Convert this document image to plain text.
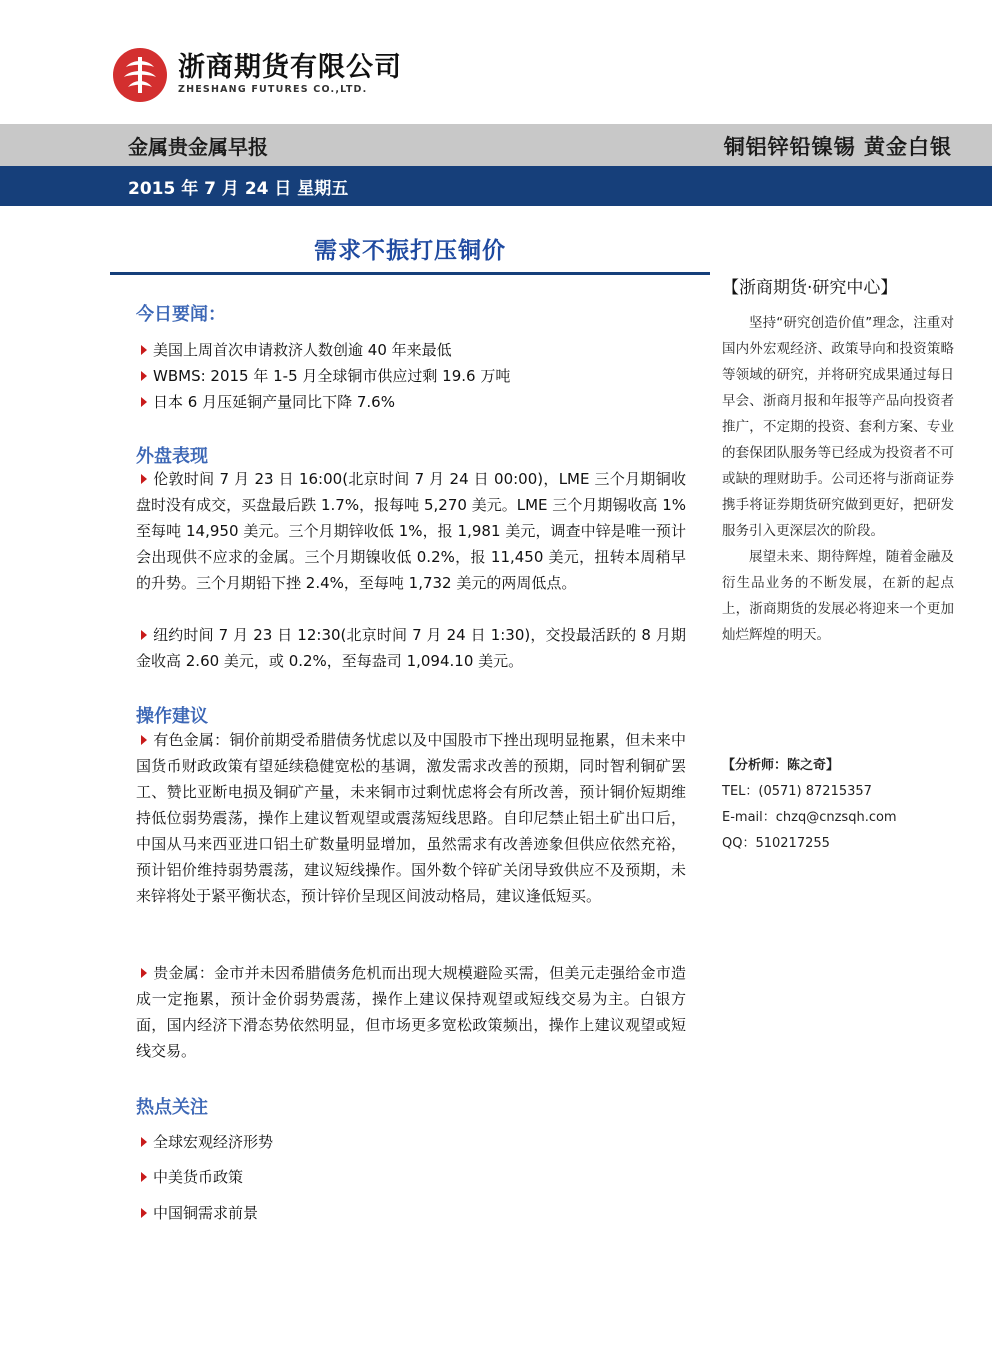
浙商期货有限公司
ZHESHANG FUTURES CO.,LTD.
金属贵金属早报	铜铝锌铅镍锡 黄金白银
2015 年 7 月 24 日 星期五
需求不振打压铜价
今日要闻：
美国上周首次申请救济人数创逾 40 年来最低
WBMS: 2015 年 1-5 月全球铜市供应过剩 19.6 万吨
日本 6 月压延铜产量同比下降 7.6%
外盘表现
伦敦时间 7 月 23 日 16:00(北京时间 7 月 24 日 00:00)，LME 三个月期铜收盘时没有成交，买盘最后跌 1.7%，报每吨 5,270 美元。LME 三个月期锡收高 1%至每吨 14,950 美元。三个月期锌收低 1%，报 1,981 美元，调查中锌是唯一预计会出现供不应求的金属。三个月期镍收低 0.2%，报 11,450 美元，扭转本周稍早的升势。三个月期铅下挫 2.4%，至每吨 1,732 美元的两周低点。
纽约时间 7 月 23 日 12:30(北京时间 7 月 24 日 1:30)，交投最活跃的 8 月期金收高 2.60 美元，或 0.2%，至每盎司 1,094.10 美元。
操作建议
有色金属：铜价前期受希腊债务忧虑以及中国股市下挫出现明显拖累，但未来中国货币财政政策有望延续稳健宽松的基调，激发需求改善的预期，同时智利铜矿罢工、赞比亚断电损及铜矿产量，未来铜市过剩忧虑将会有所改善，预计铜价短期维持低位弱势震荡，操作上建议暂观望或震荡短线思路。自印尼禁止铝土矿出口后，中国从马来西亚进口铝土矿数量明显增加，虽然需求有改善迹象但供应依然充裕，预计铝价维持弱势震荡，建议短线操作。国外数个锌矿关闭导致供应不及预期，未来锌将处于紧平衡状态，预计锌价呈现区间波动格局，建议逢低短买。
贵金属：金市并未因希腊债务危机而出现大规模避险买需，但美元走强给金市造成一定拖累，预计金价弱势震荡，操作上建议保持观望或短线交易为主。白银方面，国内经济下滑态势依然明显，但市场更多宽松政策频出，操作上建议观望或短线交易。
热点关注
全球宏观经济形势
中美货币政策
中国铜需求前景
【浙商期货·研究中心】

坚持“研究创造价值”理念，注重对国内外宏观经济、政策导向和投资策略等领域的研究，并将研究成果通过每日早会、浙商月报和年报等产品向投资者推广，不定期的投资、套利方案、专业的套保团队服务等已经成为投资者不可或缺的理财助手。公司还将与浙商证券携手将证券期货研究做到更好，把研发服务引入更深层次的阶段。

展望未来、期待辉煌，随着金融及衍生品业务的不断发展，在新的起点上，浙商期货的发展必将迎来一个更加灿烂辉煌的明天。

【分析师：陈之奇】
TEL：(0571) 87215357
E-mail：chzq@cnzsqh.com
QQ：510217255
